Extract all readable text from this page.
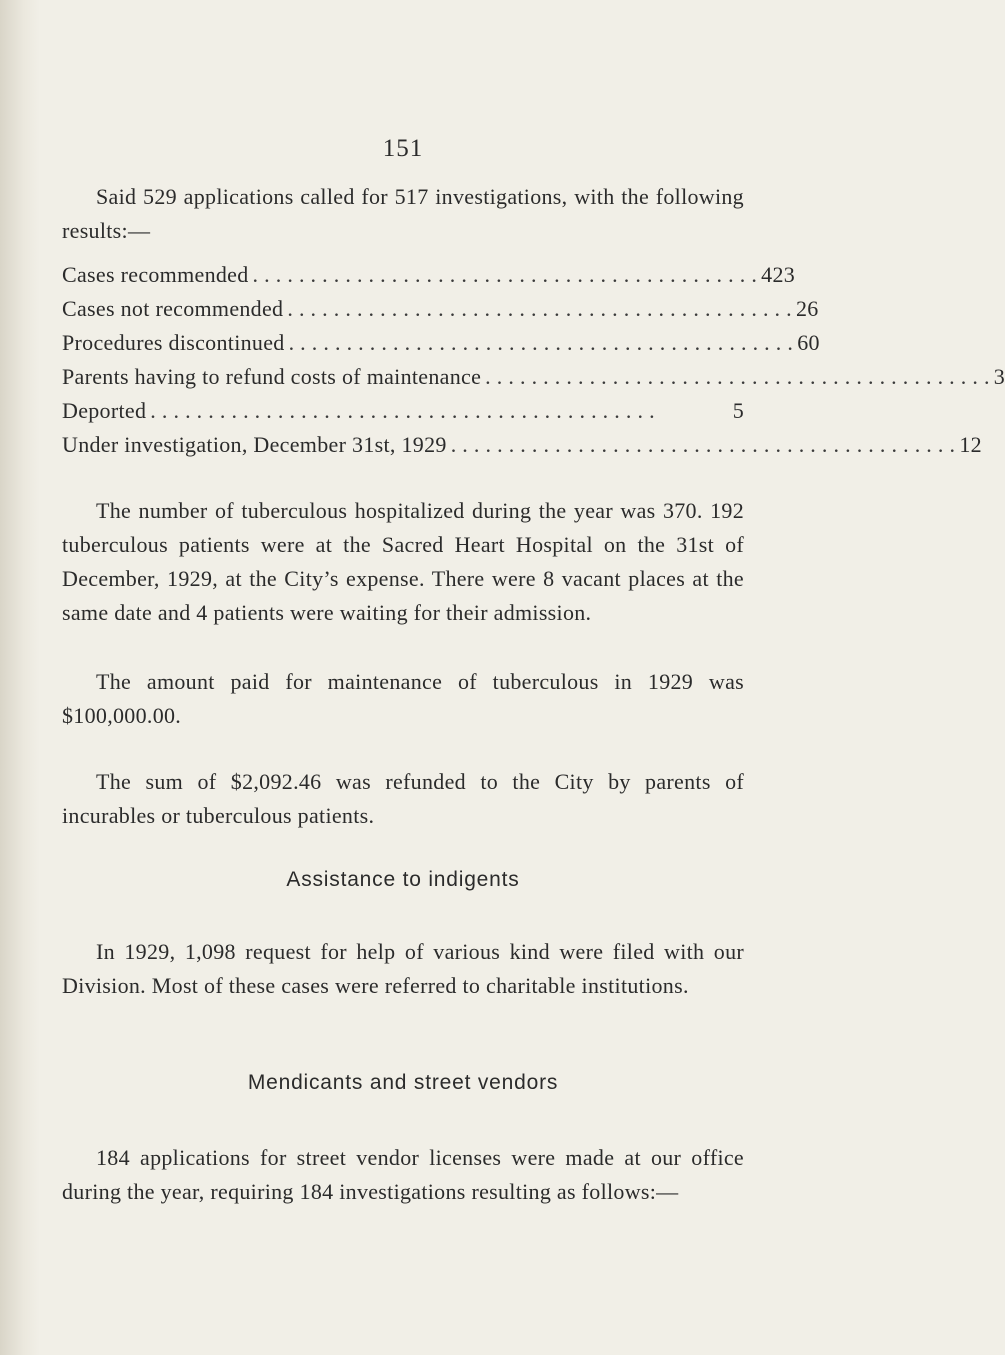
151
Said 529 applications called for 517 investigations, with the following results:—
Cases recommended . . . . . . . . . . . . . . . . . . . . . . . . . . . . . . . . . . . . . . . . . . . . 423
Cases not recommended . . . . . . . . . . . . . . . . . . . . . . . . . . . . . . . . . . . . . . . . . . . . 26
Procedures discontinued . . . . . . . . . . . . . . . . . . . . . . . . . . . . . . . . . . . . . . . . . . . . 60
Parents having to refund costs of maintenance . . . . . . . . . . . . . . . . . . . . . . . . . . . . . . . . . . . . . . . . . . . . 3
Deported . . . . . . . . . . . . . . . . . . . . . . . . . . . . . . . . . . . . . . . . . . . .	5
Under investigation, December 31st, 1929 . . . . . . . . . . . . . . . . . . . . . . . . . . . . . . . . . . . . . . . . . . . . 12
The number of tuberculous hospitalized during the year was 370. 192 tuberculous patients were at the Sacred Heart Hospital on the 31st of December, 1929, at the City’s expense. There were 8 vacant places at the same date and 4 patients were waiting for their admission.
The amount paid for maintenance of tuberculous in 1929 was $100,000.00.
The sum of $2,092.46 was refunded to the City by parents of incurables or tuberculous patients.
Assistance to indigents
In 1929, 1,098 request for help of various kind were filed with our Division. Most of these cases were referred to charitable institutions.
Mendicants and street vendors
184 applications for street vendor licenses were made at our office during the year, requiring 184 investigations resulting as follows:—
